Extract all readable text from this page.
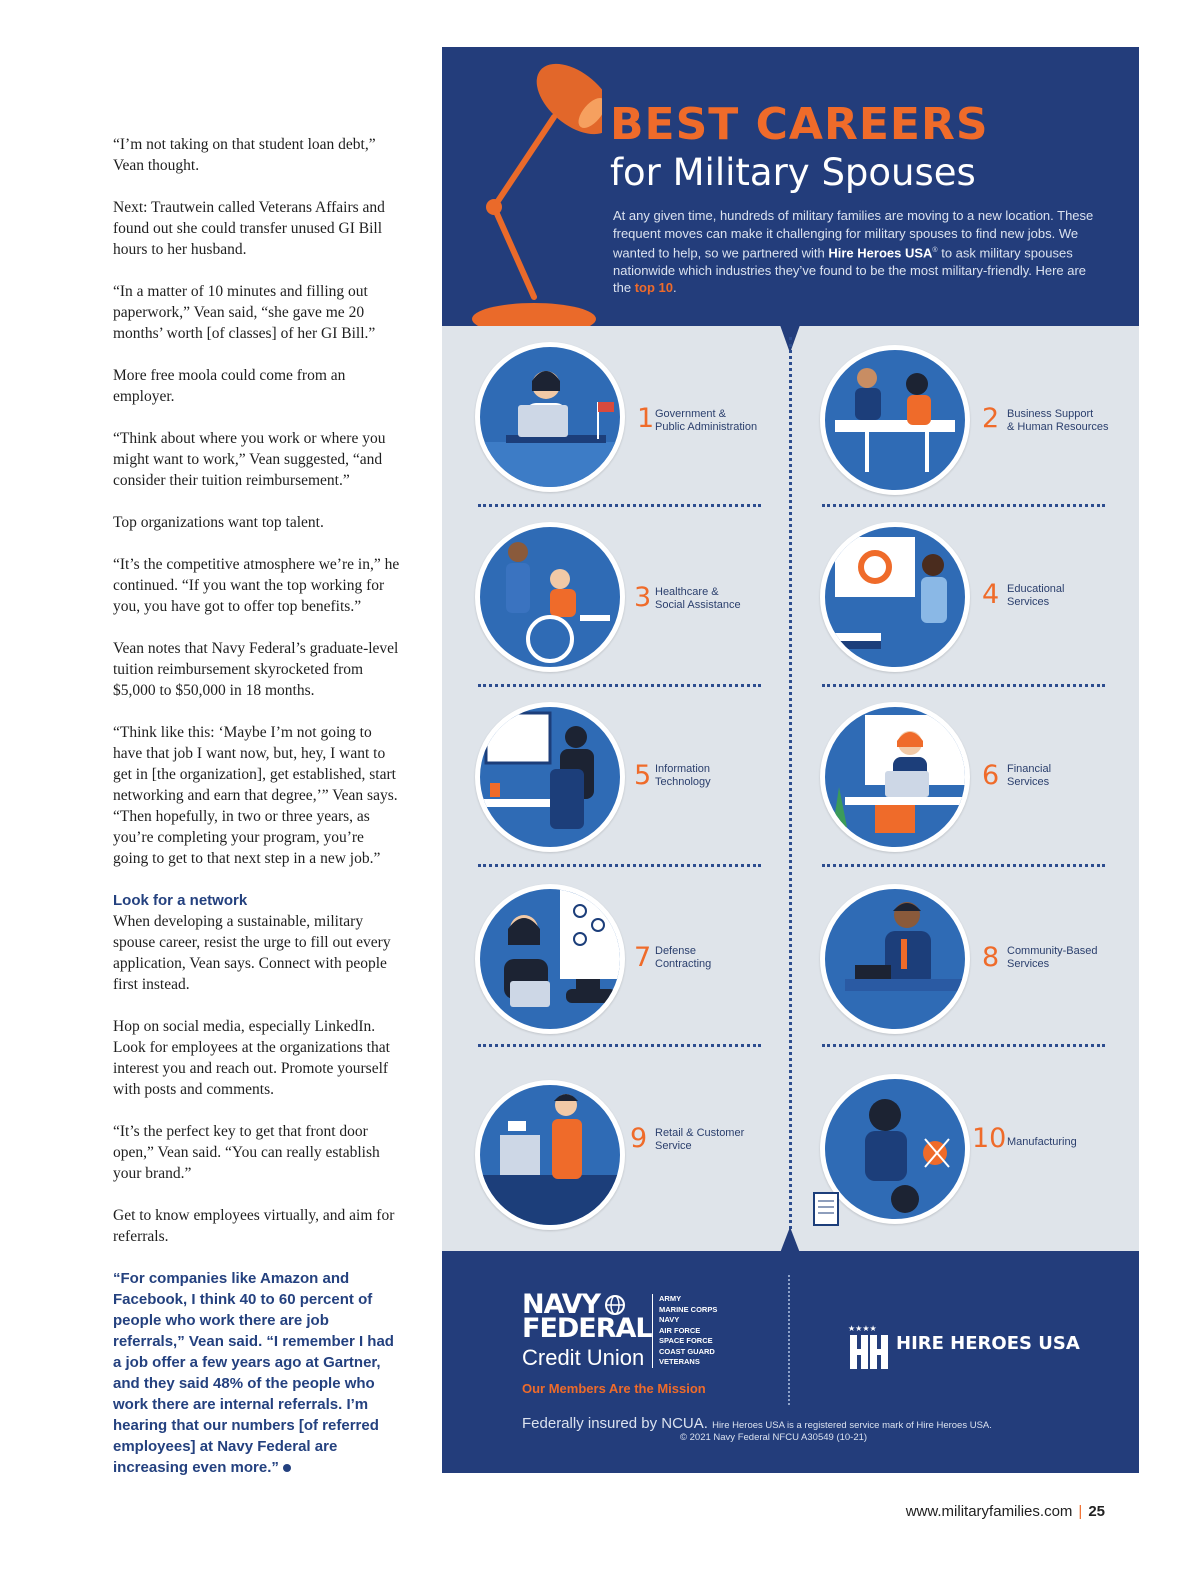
“I’m not taking on that student loan debt,” Vean thought.

Next: Trautwein called Veterans Affairs and found out she could transfer unused GI Bill hours to her husband.

“In a matter of 10 minutes and filling out paperwork,” Vean said, “she gave me 20 months’ worth [of classes] of her GI Bill.”

More free moola could come from an employer.

“Think about where you work or where you might want to work,” Vean suggested, “and consider their tuition reimbursement.”

Top organizations want top talent.

“It’s the competitive atmosphere we’re in,” he continued. “If you want the top working for you, you have got to offer top benefits.”

Vean notes that Navy Federal’s graduate-level tuition reimbursement skyrocketed from $5,000 to $50,000 in 18 months.

“Think like this: ‘Maybe I’m not going to have that job I want now, but, hey, I want to get in [the organization], get established, start networking and earn that degree,’” Vean says. “Then hopefully, in two or three years, as you’re completing your program, you’re going to get to that next step in a new job.”

Look for a network

When developing a sustainable, military spouse career, resist the urge to fill out every application, Vean says. Connect with people first instead.

Hop on social media, especially LinkedIn. Look for employees at the organizations that interest you and reach out. Promote yourself with posts and comments.

“It’s the perfect key to get that front door open,” Vean said. “You can really establish your brand.”

Get to know employees virtually, and aim for referrals.

“For companies like Amazon and Facebook, I think 40 to 60 percent of people who work there are job referrals,” Vean said. “I remember I had a job offer a few years ago at Gartner, and they said 48% of the people who work there are internal referrals. I’m hearing that our numbers [of referred employees] at Navy Federal are increasing even more.”
BEST CAREERS
for Military Spouses
At any given time, hundreds of military families are moving to a new location. These frequent moves can make it challenging for military spouses to find new jobs. We wanted to help, so we partnered with Hire Heroes USA® to ask military spouses nationwide which industries they’ve found to be the most military-friendly. Here are the top 10.
1 Government &
Public Administration	2 Business Support
& Human Resources
3 Healthcare &
Social Assistance	4 Educational
Services
5 Information
Technology	6 Financial
Services
7 Defense
Contracting	8 Community-Based
Services
9 Retail & Customer
Service	10 Manufacturing
NAVY
FEDERAL
Credit Union
ARMY
MARINE CORPS
NAVY
AIR FORCE
SPACE FORCE
COAST GUARD
VETERANS
Our Members Are the Mission
★★★★
HIRE HEROES USA
Federally insured by NCUA. Hire Heroes USA is a registered service mark of Hire Heroes USA.
© 2021 Navy Federal NFCU A30549 (10-21)
www.militaryfamilies.com | 25
